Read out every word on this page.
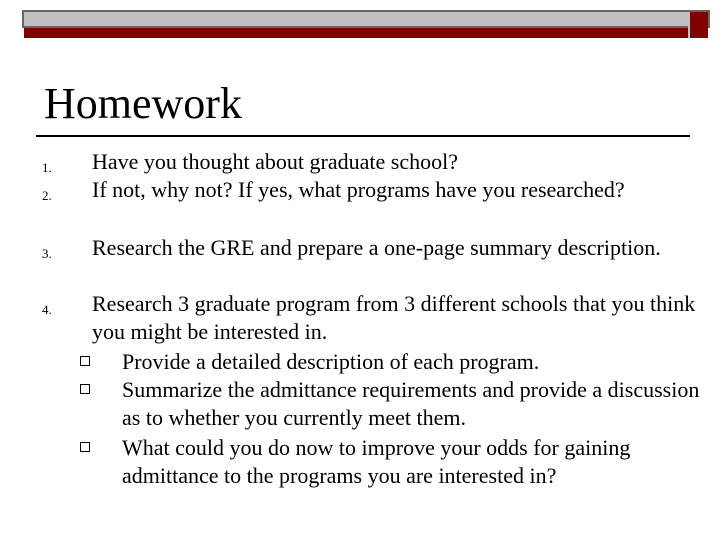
Homework
1. Have you thought about graduate school?
2. If not, why not? If yes, what programs have you researched?
3. Research the GRE and prepare a one-page summary description.
4. Research 3 graduate program from 3 different schools that you think you might be interested in.
Provide a detailed description of each program.
Summarize the admittance requirements and provide a discussion as to whether you currently meet them.
What could you do now to improve your odds for gaining admittance to the programs you are interested in?
